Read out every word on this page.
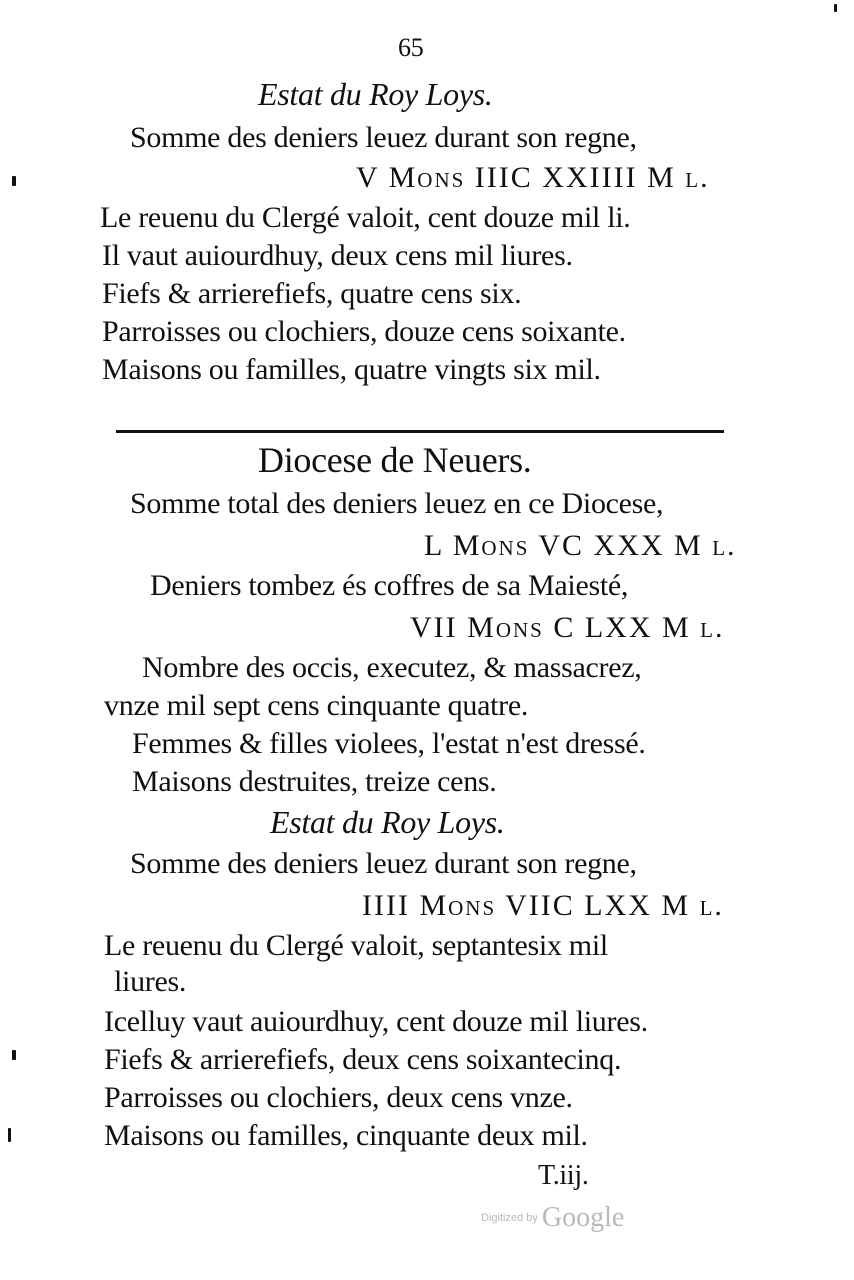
65
Estat du Roy Loys.
Somme des deniers leuez durant son regne,
V Mons IIIC XXIIII M l.
Le reuenu du Clergé valoit, cent douze mil li.
Il vaut auiourdhuy, deux cens mil liures.
Fiefs & arrierefiefs, quatre cens six.
Parroisses ou clochiers, douze cens soixante.
Maisons ou familles, quatre vingts six mil.
Diocese de Neuers.
Somme total des deniers leuez en ce Diocese,
L Mons VC XXX M l.
Deniers tombez és coffres de sa Maiesté,
VII Mons C LXX M l.
Nombre des occis, executez, & massacrez,
vnze mil sept cens cinquante quatre.
Femmes & filles violees, l'estat n'est dressé.
Maisons destruites, treize cens.
Estat du Roy Loys.
Somme des deniers leuez durant son regne,
IIII Mons VIIC LXX M l.
Le reuenu du Clergé valoit, septantesix mil
liures.
Icelluy vaut auiourdhuy, cent douze mil liures.
Fiefs & arrierefiefs, deux cens soixantecinq.
Parroisses ou clochiers, deux cens vnze.
Maisons ou familles, cinquante deux mil.
T.iij.
Digitized by Google
